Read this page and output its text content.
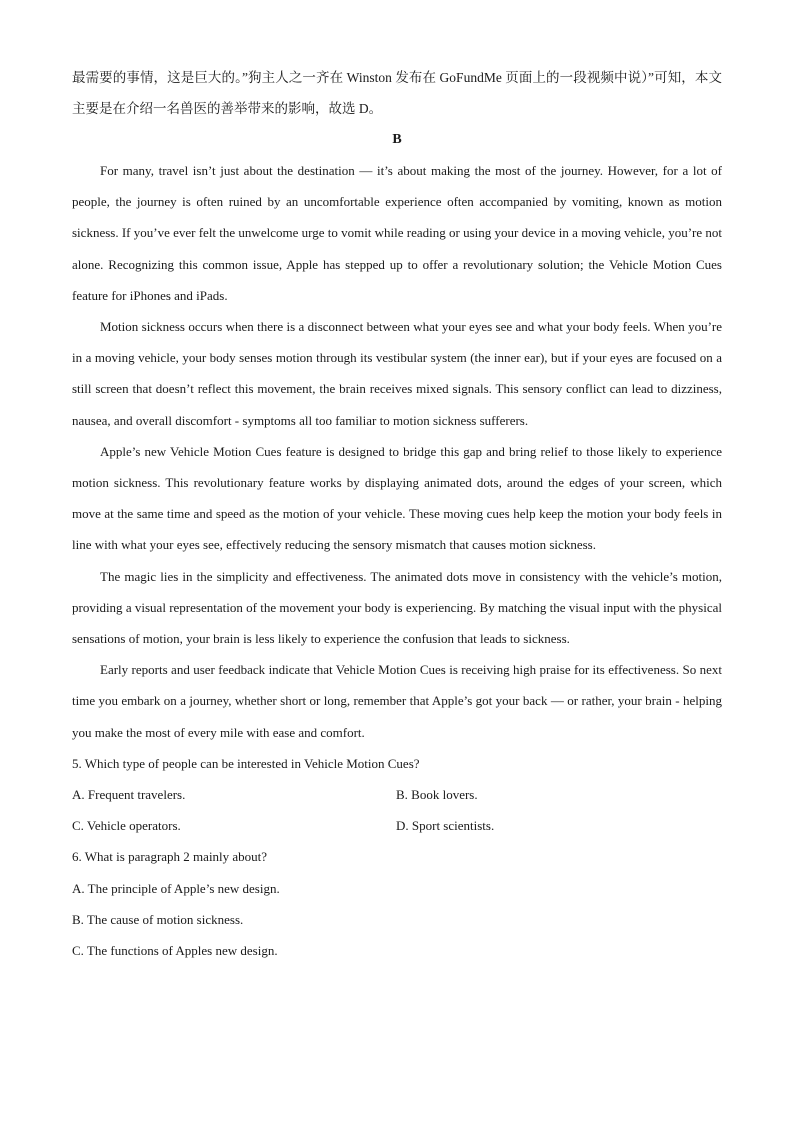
最需要的事情，这是巨大的。”狗主人之一齐在 Winston 发布在 GoFundMe 页面上的一段视频中说）”可知，本文主要是在介绍一名兽医的善举带来的影响，故选 D。

B

For many, travel isn’t just about the destination — it’s about making the most of the journey. However, for a lot of people, the journey is often ruined by an uncomfortable experience often accompanied by vomiting, known as motion sickness. If you’ve ever felt the unwelcome urge to vomit while reading or using your device in a moving vehicle, you’re not alone. Recognizing this common issue, Apple has stepped up to offer a revolutionary solution; the Vehicle Motion Cues feature for iPhones and iPads.

Motion sickness occurs when there is a disconnect between what your eyes see and what your body feels. When you’re in a moving vehicle, your body senses motion through its vestibular system (the inner ear), but if your eyes are focused on a still screen that doesn’t reflect this movement, the brain receives mixed signals. This sensory conflict can lead to dizziness, nausea, and overall discomfort - symptoms all too familiar to motion sickness sufferers.

Apple’s new Vehicle Motion Cues feature is designed to bridge this gap and bring relief to those likely to experience motion sickness. This revolutionary feature works by displaying animated dots, around the edges of your screen, which move at the same time and speed as the motion of your vehicle. These moving cues help keep the motion your body feels in line with what your eyes see, effectively reducing the sensory mismatch that causes motion sickness.

The magic lies in the simplicity and effectiveness. The animated dots move in consistency with the vehicle’s motion, providing a visual representation of the movement your body is experiencing. By matching the visual input with the physical sensations of motion, your brain is less likely to experience the confusion that leads to sickness.

Early reports and user feedback indicate that Vehicle Motion Cues is receiving high praise for its effectiveness. So next time you embark on a journey, whether short or long, remember that Apple’s got your back — or rather, your brain - helping you make the most of every mile with ease and comfort.

5. Which type of people can be interested in Vehicle Motion Cues?

A. Frequent travelers.	B. Book lovers.
C. Vehicle operators.	D. Sport scientists.

6. What is paragraph 2 mainly about?

A. The principle of Apple’s new design.

B. The cause of motion sickness.

C. The functions of Apples new design.
